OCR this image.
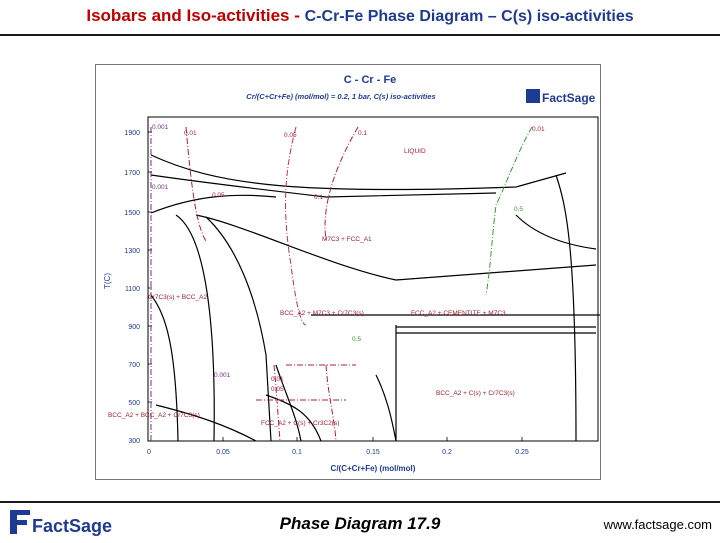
Isobars and Iso-activities - C-Cr-Fe Phase Diagram – C(s) iso-activities
C - Cr - Fe
Cr/(C+Cr+Fe) (mol/mol) = 0.2, 1 bar, C(s) iso-activities	FactSage
1900
1700
1500
1300
1100
900
700
500
300
T(C)
0	0.05	0.1	0.15	0.2	0.25
C/(C+Cr+Fe) (mol/mol)
0.001
0.01	0.05	0.1
0.01
0.001
0.05	0.1
0.5
0.5
0.001
0.01
0.05
LIQUID
M7C3 + FCC_A1
Cr7C3(s) + BCC_A2
BCC_A2 + M7C3 + Cr7C3(s)	FCC_A2 + CEMENTITE + M7C3
BCC_A2 + C(s) + Cr7C3(s)
BCC_A2 + BCC_A2 + Cr7C3(s)
FCC_A2 + C(s) + Cr3C2(s)
FactSage	Phase Diagram 17.9	www.factsage.com
